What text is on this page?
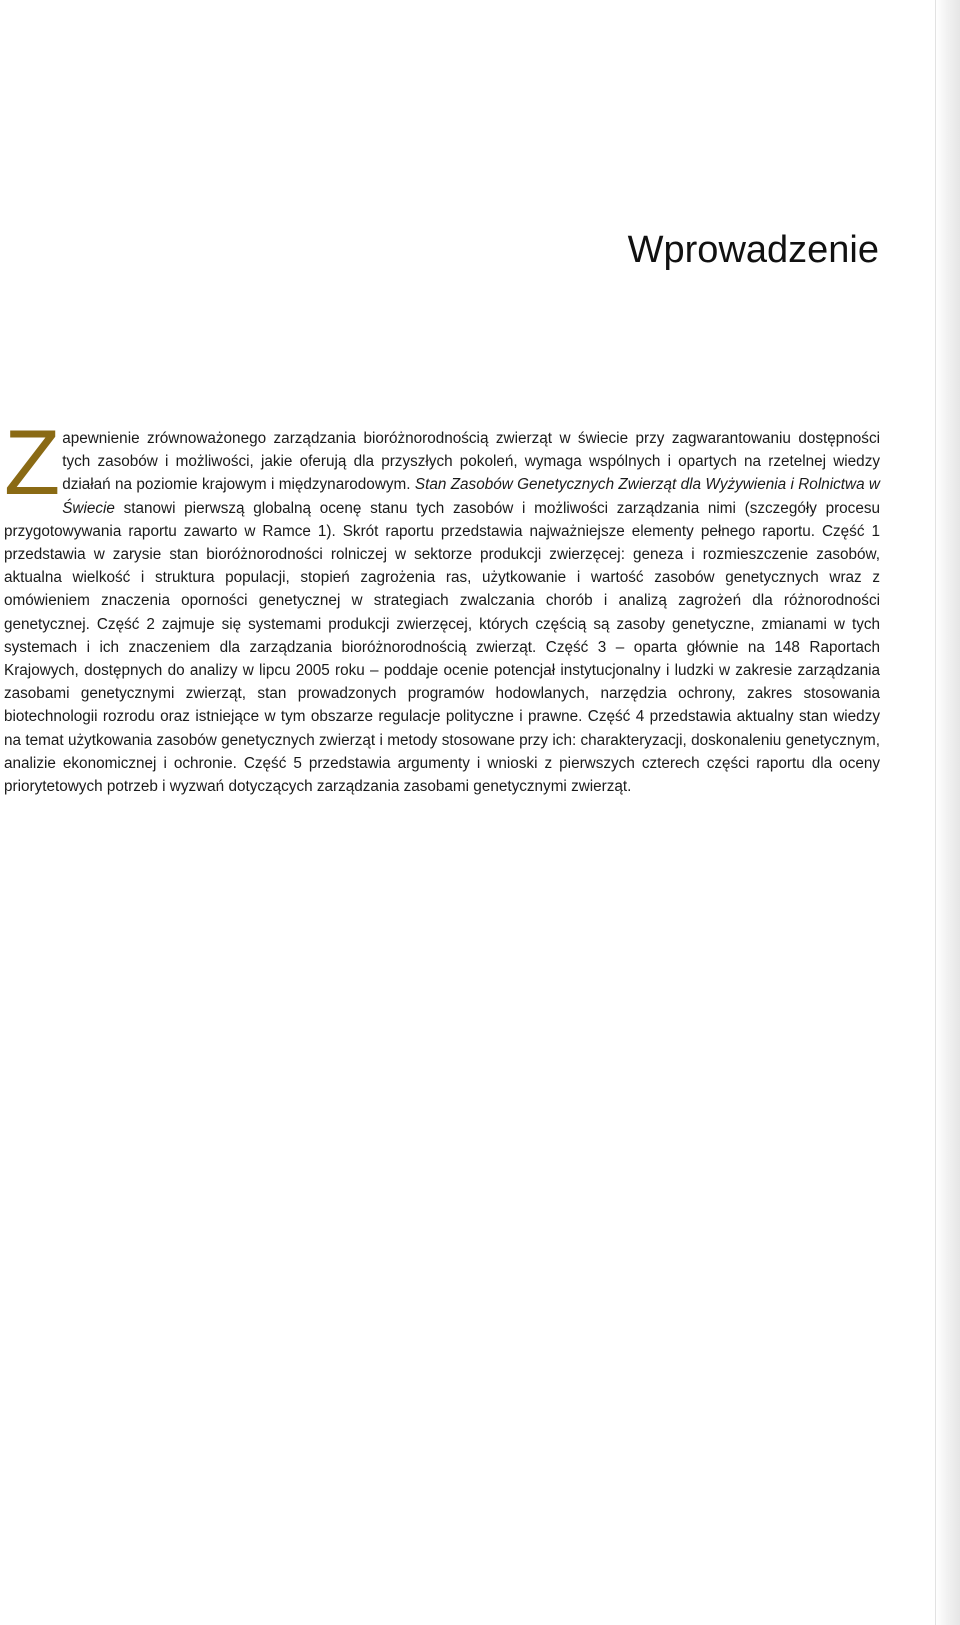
Wprowadzenie
Zapewnienie zrównoważonego zarządzania bioróżnorodnością zwierząt w świecie przy zagwarantowaniu dostępności tych zasobów i możliwości, jakie oferują dla przyszłych pokoleń, wymaga wspólnych i opartych na rzetelnej wiedzy działań na poziomie krajowym i międzynarodowym. Stan Zasobów Genetycznych Zwierząt dla Wyżywienia i Rolnictwa w Świecie stanowi pierwszą globalną ocenę stanu tych zasobów i możliwości zarządzania nimi (szczegóły procesu przygotowywania raportu zawarto w Ramce 1). Skrót raportu przedstawia najważniejsze elementy pełnego raportu. Część 1 przedstawia w zarysie stan bioróżnorodności rolniczej w sektorze produkcji zwierzęcej: geneza i rozmieszczenie zasobów, aktualna wielkość i struktura populacji, stopień zagrożenia ras, użytkowanie i wartość zasobów genetycznych wraz z omówieniem znaczenia oporności genetycznej w strategiach zwalczania chorób i analizą zagrożeń dla różnorodności genetycznej. Część 2 zajmuje się systemami produkcji zwierzęcej, których częścią są zasoby genetyczne, zmianami w tych systemach i ich znaczeniem dla zarządzania bioróżnorodnością zwierząt. Część 3 – oparta głównie na 148 Raportach Krajowych, dostępnych do analizy w lipcu 2005 roku – poddaje ocenie potencjał instytucjonalny i ludzki w zakresie zarządzania zasobami genetycznymi zwierząt, stan prowadzonych programów hodowlanych, narzędzia ochrony, zakres stosowania biotechnologii rozrodu oraz istniejące w tym obszarze regulacje polityczne i prawne. Część 4 przedstawia aktualny stan wiedzy na temat użytkowania zasobów genetycznych zwierząt i metody stosowane przy ich: charakteryzacji, doskonaleniu genetycznym, analizie ekonomicznej i ochronie. Część 5 przedstawia argumenty i wnioski z pierwszych czterech części raportu dla oceny priorytetowych potrzeb i wyzwań dotyczących zarządzania zasobami genetycznymi zwierząt.
